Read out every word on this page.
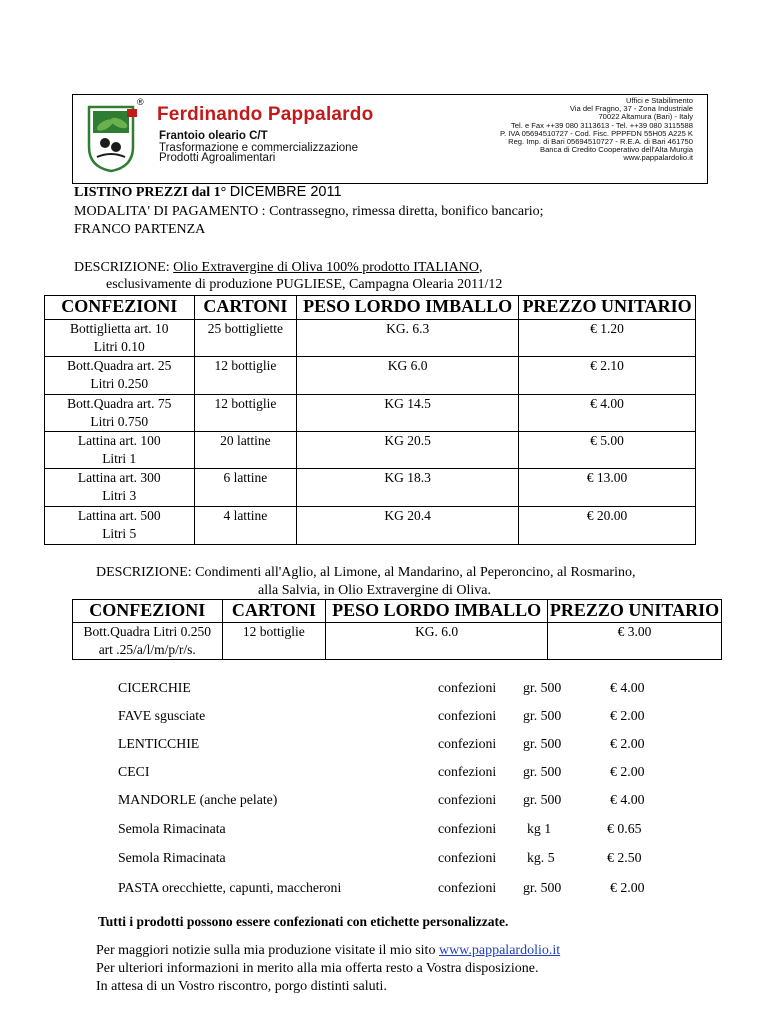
®
Ferdinando Pappalardo
Frantoio oleario C/T
Trasformazione e commercializzazione
Prodotti Agroalimentari
Uffici e Stabilimento
Via del Fragno, 37 - Zona Industriale
70022 Altamura (Bari) - Italy
Tel. e Fax ++39 080 3113613 - Tel. ++39 080 3115588
P. IVA 05694510727 - Cod. Fisc. PPPFDN 55H05 A225 K
Reg. Imp. di Bari 05694510727 - R.E.A. di Bari 461750
Banca di Credito Cooperativo dell'Alta Murgia
www.pappalardolio.it
LISTINO PREZZI dal 1° DICEMBRE 2011
MODALITA' DI PAGAMENTO : Contrassegno, rimessa diretta, bonifico bancario;
FRANCO PARTENZA
DESCRIZIONE: Olio Extravergine di Oliva 100% prodotto ITALIANO,
esclusivamente di produzione PUGLIESE, Campagna Olearia 2011/12
CONFEZIONI	CARTONI	PESO LORDO IMBALLO	PREZZO UNITARIO

Bottiglietta art. 10
Litri 0.10	25 bottigliette	KG. 6.3	€ 1.20

Bott.Quadra art. 25
Litri 0.250	12 bottiglie	KG 6.0	€ 2.10

Bott.Quadra art. 75
Litri 0.750	12 bottiglie	KG 14.5	€ 4.00

Lattina art. 100
Litri 1	20 lattine	KG 20.5	€ 5.00

Lattina art. 300
Litri 3	6 lattine	KG 18.3	€ 13.00

Lattina art. 500
Litri 5	4 lattine	KG 20.4	€ 20.00
DESCRIZIONE: Condimenti all'Aglio, al Limone, al Mandarino, al Peperoncino, al Rosmarino,
alla Salvia, in Olio Extravergine di Oliva.
CONFEZIONI	CARTONI	PESO LORDO IMBALLO	PREZZO UNITARIO

Bott.Quadra Litri 0.250
art .25/a/l/m/p/r/s.	12 bottiglie	KG. 6.0	€ 3.00
CICERCHIE	confezioni gr. 500	€ 4.00
FAVE sgusciate	confezioni gr. 500	€ 2.00
LENTICCHIE	confezioni gr. 500	€ 2.00
CECI	confezioni gr. 500	€ 2.00
MANDORLE (anche pelate)	confezioni gr. 500	€ 4.00
Semola Rimacinata	confezioni kg 1	€ 0.65
Semola Rimacinata	confezioni kg. 5	€ 2.50
PASTA orecchiette, capunti, maccheroni	confezioni gr. 500	€ 2.00
Tutti i prodotti possono essere confezionati con etichette personalizzate.
Per maggiori notizie sulla mia produzione visitate il mio sito www.pappalardolio.it
Per ulteriori informazioni in merito alla mia offerta resto a Vostra disposizione.
In attesa di un Vostro riscontro, porgo distinti saluti.
